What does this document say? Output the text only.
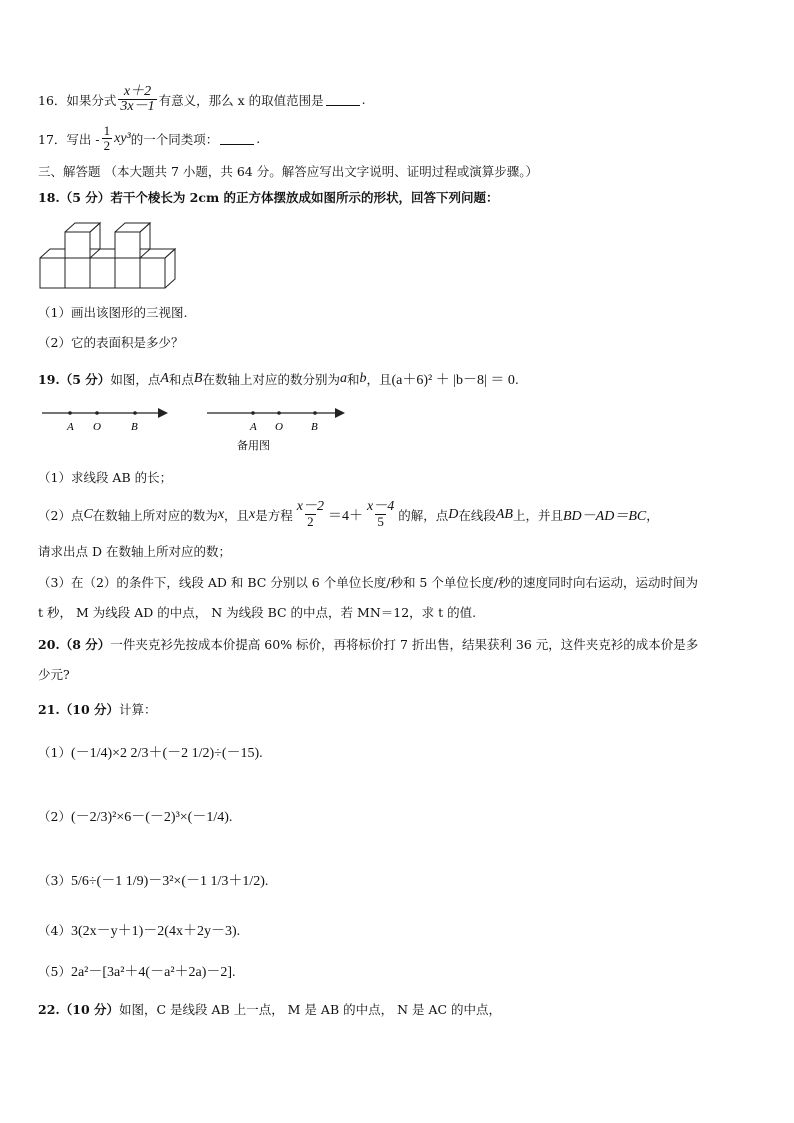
16． 如果分式 $\frac{x+2}{3x-1}$ 有意义，那么 x 的取值范围是	.
17． 写出 - $\frac{1}{2} xy^3$ 的一个同类项：	.
三、解答题 （本大题共 7 小题，共 64 分。解答应写出文字说明、证明过程或演算步骤。）
18. （5 分） 若干个棱长为 2cm 的正方体摆放成如图所示的形状，回答下列问题：
（1）画出该图形的三视图.
（2）它的表面积是多少？
19. （5 分） 如图，点 A 和点 B 在数轴上对应的数分别为 a 和 b ，且 (a＋6)² ＋ |b－8| ＝ 0 .
A O	B	A O	B
备用图
（1）求线段 AB 的长；
（2）点 C 在数轴上所对应的数为 x ，且 x 是方程 $\frac{x-2}{2} =4+ \frac{x-4}{5}$ 的解，点 D 在线段 AB 上，并且 BD－AD＝BC ，
请求出点 D 在数轴上所对应的数；
（3）在（2）的条件下，线段 AD 和 BC 分别以 6 个单位长度/秒和 5 个单位长度/秒的速度同时向右运动，运动时间为
t 秒， M 为线段 AD 的中点， N 为线段 BC 的中点，若 MN＝12，求 t 的值.
20. （8 分） 一件夹克衫先按成本价提高 60% 标价，再将标价打 7 折出售，结果获利 36 元，这件夹克衫的成本价是多
少元?
21. （10 分） 计算：
（1） (－1/4)×2 2/3＋(－2 1/2)÷(－15).
（2） (－2/3)²×6－(－2)³×(－1/4).
（3） 5/6÷(－1 1/9)－3²×(－1 1/3＋1/2).
（4） 3(2x－y＋1)－2(4x＋2y－3).
（5） 2a²－[3a²＋4(－a²＋2a)－2].
22. （10 分） 如图，C 是线段 AB 上一点， M 是 AB 的中点， N 是 AC 的中点，
